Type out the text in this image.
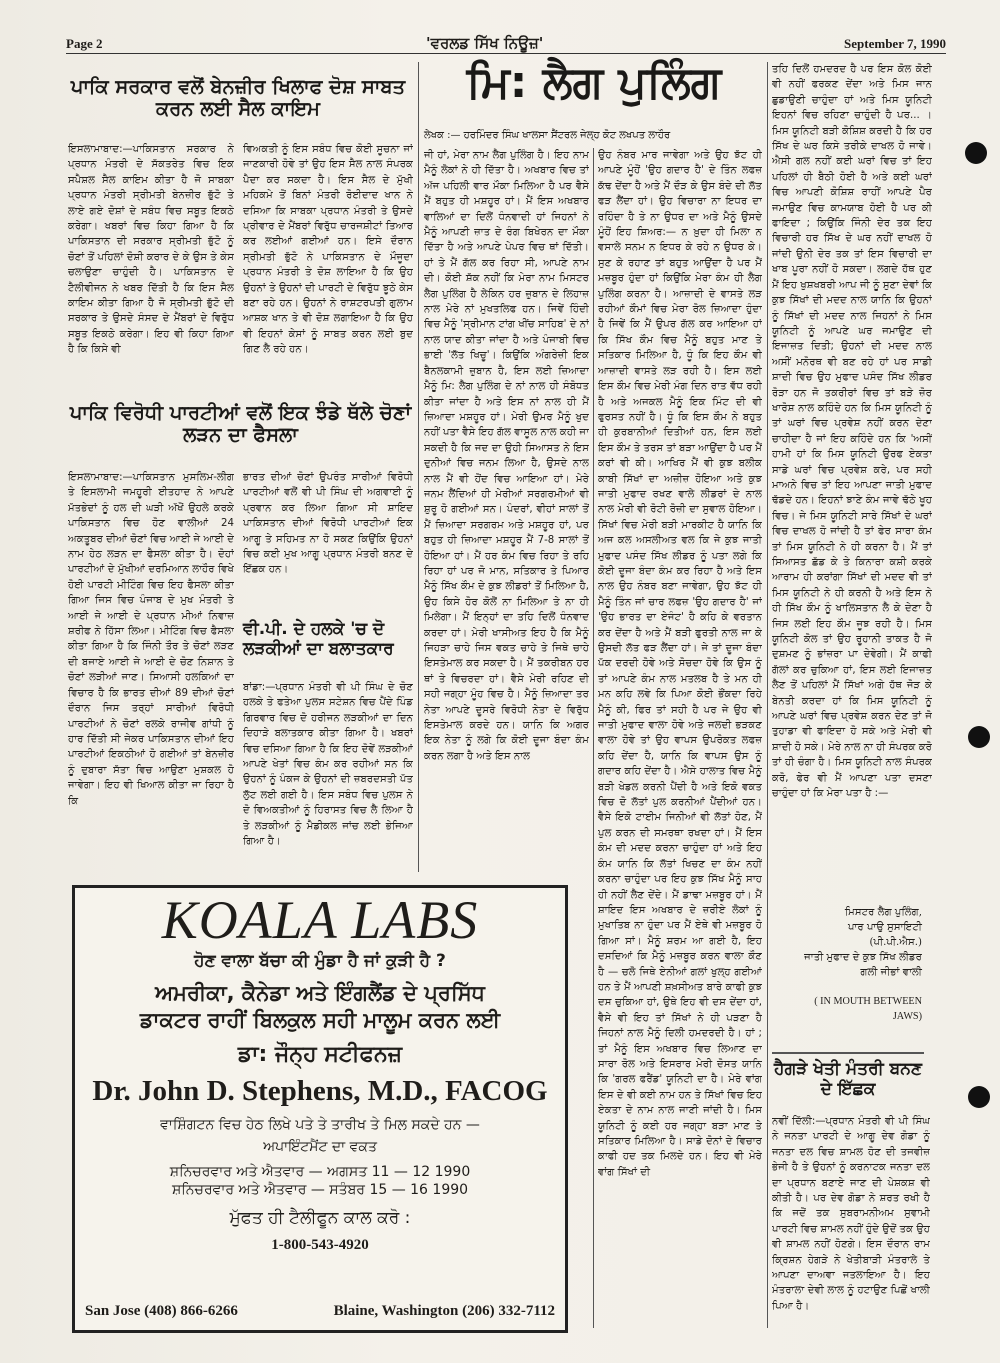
Page 2	'ਵਰਲਡ ਸਿੱਖ ਨਿਊਜ਼'	September 7, 1990
ਪਾਕਿ ਸਰਕਾਰ ਵਲੋਂ ਬੇਨਜ਼ੀਰ ਖਿਲਾਫ ਦੋਸ਼ ਸਾਬਤ ਕਰਨ ਲਈ ਸੈਲ ਕਾਇਮ

ਇਸਲਾਮਾਬਾਦ:—ਪਾਕਿਸਤਾਨ ਸਰਕਾਰ ਨੇ ਪ੍ਰਧਾਨ ਮੰਤਰੀ ਦੇ ਸੱਕਤਰੇਤ ਵਿਚ ਇਕ ਸਪੈਸ਼ਲ ਸੈਲ ਕਾਇਮ ਕੀਤਾ ਹੈ ਜੋ ਸਾਬਕਾ ਪ੍ਰਧਾਨ ਮੰਤਰੀ ਸ੍ਰੀਮਤੀ ਬੇਨਜ਼ੀਰ ਭੁੱਟੋ ਤੇ ਲਾਏ ਗਏ ਦੋਸ਼ਾਂ ਦੇ ਸਬੰਧ ਵਿਚ ਸਬੂਤ ਇਕਠੇ ਕਰੇਗਾ। ਖਬਰਾਂ ਵਿਚ ਕਿਹਾ ਗਿਆ ਹੈ ਕਿ ਪਾਕਿਸਤਾਨ ਦੀ ਸਰਕਾਰ ਸ੍ਰੀਮਤੀ ਭੁੱਟੋ ਨੂੰ ਚੋਣਾਂ ਤੋਂ ਪਹਿਲਾਂ ਦੋਸ਼ੀ ਕਰਾਰ ਦੇ ਕੇ ਉਸ ਤੇ ਕੇਸ ਚਲਾਉਣਾ ਚਾਹੁੰਦੀ ਹੈ। ਪਾਕਿਸਤਾਨ ਦੇ ਟੈਲੀਵੀਜਨ ਨੇ ਖਬਰ ਦਿੱਤੀ ਹੈ ਕਿ ਇਸ ਸੈਲ ਕਾਇਮ ਕੀਤਾ ਗਿਆ ਹੈ ਜੋ ਸ੍ਰੀਮਤੀ ਭੁੱਟੋ ਦੀ ਸਰਕਾਰ ਤੇ ਉਸਦੇ ਸੰਸਦ ਦੇ ਮੈਂਬਰਾਂ ਦੇ ਵਿਰੁੱਧ ਸਬੂਤ ਇਕਠੇ ਕਰੇਗਾ। ਇਹ ਵੀ ਕਿਹਾ ਗਿਆ ਹੈ ਕਿ ਕਿਸੇ ਵੀ

ਵਿਅਕਤੀ ਨੂੰ ਇਸ ਸਬੰਧ ਵਿਚ ਕੋਈ ਸੂਚਨਾ ਜਾਂ ਜਾਣਕਾਰੀ ਹੋਵੇ ਤਾਂ ਉਹ ਇਸ ਸੈਲ ਨਾਲ ਸੰਪਰਕ ਪੈਦਾ ਕਰ ਸਕਦਾ ਹੈ। ਇਸ ਸੈਲ ਦੇ ਮੁੱਖੀ ਮਹਿਕਮੇ ਤੋਂ ਬਿਨਾਂ ਮੰਤਰੀ ਰੋਈਦਾਦ ਖਾਨ ਨੇ ਦਸਿਆ ਕਿ ਸਾਬਕਾ ਪ੍ਰਧਾਨ ਮੰਤਰੀ ਤੇ ਉਸਦੇ ਪ੍ਰੀਵਾਰ ਦੇ ਮੈਂਬਰਾਂ ਵਿਰੁੱਧ ਚਾਰਜਸ਼ੀਟਾਂ ਤਿਆਰ ਕਰ ਲਈਆਂ ਗਈਆਂ ਹਨ। ਇਸੇ ਦੌਰਾਨ ਸ੍ਰੀਮਤੀ ਭੁੱਟੋ ਨੇ ਪਾਕਿਸਤਾਨ ਦੇ ਮੌਜੂਦਾ ਪ੍ਰਧਾਨ ਮੰਤਰੀ ਤੇ ਦੋਸ਼ ਲਾਇਆ ਹੈ ਕਿ ਉਹ ਉਹਨਾਂ ਤੇ ਉਹਨਾਂ ਦੀ ਪਾਰਟੀ ਦੇ ਵਿਰੁੱਧ ਝੂਠੇ ਕੇਸ ਬਣਾ ਰਹੇ ਹਨ। ਉਹਨਾਂ ਨੇ ਰਾਸ਼ਟਰਪਤੀ ਗੁਲਾਮ ਆਸ਼ਕ ਖਾਨ ਤੇ ਵੀ ਦੋਸ਼ ਲਗਾਇਆ ਹੈ ਕਿ ਉਹ ਵੀ ਇਹਨਾਂ ਕੇਸਾਂ ਨੂੰ ਸਾਬਤ ਕਰਨ ਲਈ ਬੁਦ ਗਿਣ ਲੈ ਰਹੇ ਹਨ।

ਪਾਕਿ ਵਿਰੋਧੀ ਪਾਰਟੀਆਂ ਵਲੋਂ ਇਕ ਝੰਡੇ ਥੱਲੇ ਚੋਣਾਂ ਲੜਨ ਦਾ ਫੈਸਲਾ

ਇਸਲਾਮਾਬਾਦ:—ਪਾਕਿਸਤਾਨ ਮੁਸਲਿਮ-ਲੀਗ ਤੇ ਇਸਲਾਮੀ ਜਮਹੂਰੀ ਈਤਹਾਦ ਨੇ ਆਪਣੇ ਮੱਤਭੇਦਾਂ ਨੂੰ ਹਲ ਦੀ ਘੜੀ ਅੱਖੋਂ ਉਹਲੇ ਕਰਕੇ ਪਾਕਿਸਤਾਨ ਵਿਚ ਹੋਣ ਵਾਲੀਆਂ 24 ਅਕਤੂਬਰ ਦੀਆਂ ਚੋਣਾਂ ਵਿਚ ਆਈ ਜੇ ਆਈ ਦੇ ਨਾਮ ਹੇਠ ਲੜਨ ਦਾ ਫੈਸਲਾ ਕੀਤਾ ਹੈ। ਦੋਹਾਂ ਪਾਰਟੀਆਂ ਦੇ ਮੁੱਖੀਆਂ ਦਰਮਿਆਨ ਲਾਹੌਰ ਵਿਖੇ ਹੋਈ ਪਾਰਟੀ ਮੀਟਿੰਗ ਵਿਚ ਇਹ ਫੈਸਲਾ ਕੀਤਾ ਗਿਆ ਜਿਸ ਵਿਚ ਪੰਜਾਬ ਦੇ ਮੁਖ ਮੰਤਰੀ ਤੇ ਆਈ ਜੇ ਆਈ ਦੇ ਪ੍ਰਧਾਨ ਮੀਆਂ ਨਿਵਾਜ਼ ਸ਼ਰੀਫ ਨੇ ਹਿੱਸਾ ਲਿਆ। ਮੀਟਿੰਗ ਵਿਚ ਫੈਸਲਾ ਕੀਤਾ ਗਿਆ ਹੈ ਕਿ ਜਿੰਨੀ ਤੌਰ ਤੇ ਚੋਣਾਂ ਲੜਣ ਦੀ ਬਜਾਏ ਆਈ ਜੇ ਆਈ ਦੇ ਚੋਣ ਨਿਸ਼ਾਨ ਤੇ ਚੋਣਾਂ ਲੜੀਆਂ ਜਾਣ। ਸਿਆਸੀ ਹਲਕਿਆਂ ਦਾ ਵਿਚਾਰ ਹੈ ਕਿ ਭਾਰਤ ਦੀਆਂ 89 ਦੀਆਂ ਚੋਣਾਂ ਦੌਰਾਨ ਜਿਸ ਤਰ੍ਹਾਂ ਸਾਰੀਆਂ ਵਿਰੋਧੀ ਪਾਰਟੀਆਂ ਨੇ ਚੋਣਾਂ ਰਲਕੇ ਰਾਜੀਵ ਗਾਂਧੀ ਨੂੰ ਹਾਰ ਦਿੱਤੀ ਸੀ ਜੇਕਰ ਪਾਕਿਸਤਾਨ ਦੀਆਂ ਇਹ ਪਾਰਟੀਆਂ ਇਕਠੀਆਂ ਹੋ ਗਈਆਂ ਤਾਂ ਬੇਨਜ਼ੀਰ ਨੂੰ ਦੁਬਾਰਾ ਸੱਤਾ ਵਿਚ ਆਉਣਾ ਮੁਸ਼ਕਲ ਹੋ ਜਾਵੇਗਾ। ਇਹ ਵੀ ਖਿਆਲ ਕੀਤਾ ਜਾ ਰਿਹਾ ਹੈ ਕਿ

ਭਾਰਤ ਦੀਆਂ ਚੋਣਾਂ ਉਪਰੰਤ ਸਾਰੀਆਂ ਵਿਰੋਧੀ ਪਾਰਟੀਆਂ ਵਲੋਂ ਵੀ ਪੀ ਸਿੰਘ ਦੀ ਅਗਵਾਈ ਨੂੰ ਪ੍ਰਵਾਨ ਕਰ ਲਿਆ ਗਿਆ ਸੀ ਸ਼ਾਇਦ ਪਾਕਿਸਤਾਨ ਦੀਆਂ ਵਿਰੋਧੀ ਪਾਰਟੀਆਂ ਇਕ ਆਗੂ ਤੇ ਸਹਿਮਤ ਨਾ ਹੋ ਸਕਣ ਕਿਉਂਕਿ ਉਹਨਾਂ ਵਿਚ ਕਈ ਮੁਖ ਆਗੂ ਪ੍ਰਧਾਨ ਮੰਤਰੀ ਬਨਣ ਦੇ ਇੱਛਕ ਹਨ।

ਵੀ.ਪੀ. ਦੇ ਹਲਕੇ 'ਚ ਦੋ ਲੜਕੀਆਂ ਦਾ ਬਲਾਤਕਾਰ

ਬਾਂਡਾ:—ਪ੍ਰਧਾਨ ਮੰਤਰੀ ਵੀ ਪੀ ਸਿੰਘ ਦੇ ਚੋਣ ਹਲਕੇ ਤੇ ਫਤੇਆ ਪੁਲਸ ਸਟੇਸ਼ਨ ਵਿਚ ਪੈਂਦੇ ਪਿੰਡ ਗਿਰਵਾਰ ਵਿਚ ਦੋ ਹਰੀਜਨ ਲੜਕੀਆਂ ਦਾ ਦਿਨ ਦਿਹਾੜੇ ਬਲਾਤਕਾਰ ਕੀਤਾ ਗਿਆ ਹੈ। ਖਬਰਾਂ ਵਿਚ ਦਸਿਆ ਗਿਆ ਹੈ ਕਿ ਇਹ ਦੋਵੇਂ ਲੜਕੀਆਂ ਆਪਣੇ ਖੇਤਾਂ ਵਿਚ ਕੰਮ ਕਰ ਰਹੀਆਂ ਸਨ ਕਿ ਉਹਨਾਂ ਨੂੰ ਪੰਕਜ ਕੇ ਉਹਨਾਂ ਦੀ ਜ਼ਬਰਦਸਤੀ ਪੱਤ ਲੁੱਟ ਲਈ ਗਈ ਹੈ। ਇਸ ਸਬੰਧ ਵਿਚ ਪੁਲਸ ਨੇ ਦੋ ਵਿਅਕਤੀਆਂ ਨੂੰ ਹਿਰਾਸਤ ਵਿਚ ਲੈ ਲਿਆ ਹੈ ਤੇ ਲੜਕੀਆਂ ਨੂੰ ਮੈਡੀਕਲ ਜਾਂਚ ਲਈ ਭੇਜਿਆ ਗਿਆ ਹੈ।

ਮਿ: ਲੈਗ ਪੁਲਿੰਗ
ਲੇਖਕ :— ਹਰਮਿੰਦਰ ਸਿੰਘ ਖਾਲਸਾ ਸੈਂਟਰਲ ਜੇਲ੍ਹ ਕੋਟ ਲਖਪਤ ਲਾਹੌਰ

ਜੀ ਹਾਂ, ਮੇਰਾ ਨਾਮ ਲੈਗ ਪੁਲਿੰਗ ਹੈ। ਇਹ ਨਾਮ ਮੈਨੂੰ ਲੋਕਾਂ ਨੇ ਹੀ ਦਿੱਤਾ ਹੈ। ਅਖਬਾਰ ਵਿਚ ਤਾਂ ਅੱਜ ਪਹਿਲੀ ਵਾਰ ਮੌਕਾ ਮਿਲਿਆ ਹੈ ਪਰ ਵੈਸੇ ਮੈਂ ਬਹੁਤ ਹੀ ਮਸ਼ਹੂਰ ਹਾਂ। ਮੈਂ ਇਸ ਅਖਬਾਰ ਵਾਲਿਆਂ ਦਾ ਦਿਲੋਂ ਧੰਨਵਾਦੀ ਹਾਂ ਜਿਹਨਾਂ ਨੇ ਮੈਨੂੰ ਆਪਣੀ ਜ਼ਾਤ ਦੇ ਰੰਗ ਬਿਖੇਰਨ ਦਾ ਮੌਕਾ ਦਿੱਤਾ ਹੈ ਅਤੇ ਆਪਣੇ ਪੇਪਰ ਵਿਚ ਥਾਂ ਦਿੱਤੀ। ਹਾਂ ਤੇ ਮੈਂ ਗੱਲ ਕਰ ਰਿਹਾ ਸੀ, ਆਪਣੇ ਨਾਮ ਦੀ। ਕੋਈ ਸ਼ੱਕ ਨਹੀਂ ਕਿ ਮੇਰਾ ਨਾਮ ਮਿਸਟਰ ਲੈਗ ਪੁਲਿੰਗ ਹੈ ਲੇਕਿਨ ਹਰ ਜ਼ੁਬਾਨ ਦੇ ਲਿਹਾਜ਼ ਨਾਲ ਮੇਰੇ ਨਾਂ ਮੁਖਤਲਿਫ ਹਨ। ਜਿਵੇਂ ਹਿੰਦੀ ਵਿਚ ਮੈਨੂੰ 'ਸ੍ਰੀਮਾਨ ਟਾਂਗ ਖੀਂਚ ਸਾਹਿਬ' ਦੇ ਨਾਂ ਨਾਲ ਯਾਦ ਕੀਤਾ ਜਾਂਦਾ ਹੈ ਅਤੇ ਪੰਜਾਬੀ ਵਿਚ ਭਾਈ 'ਲੱਤ ਖਿਚੂ'। ਕਿਉਂਕਿ ਅੰਗਰੇਜ਼ੀ ਇਕ ਬੈਨਲਕਾਮੀ ਜ਼ੁਬਾਨ ਹੈ, ਇਸ ਲਈ ਜ਼ਿਆਦਾ ਮੈਨੂੰ ਮਿ: ਲੈਗ ਪੁਲਿੰਗ ਦੇ ਨਾਂ ਨਾਲ ਹੀ ਸੰਬੋਧਤ ਕੀਤਾ ਜਾਂਦਾ ਹੈ ਅਤੇ ਇਸ ਨਾਂ ਨਾਲ ਹੀ ਮੈਂ ਜ਼ਿਆਦਾ ਮਸ਼ਹੂਰ ਹਾਂ। ਮੇਰੀ ਉਮਰ ਮੈਨੂੰ ਖੁਦ ਨਹੀਂ ਪਤਾ ਵੈਸੇ ਇਹ ਗੱਲ ਵਾਸੂਲ ਨਾਲ ਕਹੀ ਜਾ ਸਕਦੀ ਹੈ ਕਿ ਜਦ ਦਾ ਉਹੀ ਸਿਆਸਤ ਨੇ ਇਸ ਦੁਨੀਆਂ ਵਿਚ ਜਨਮ ਲਿਆ ਹੈ, ਉਸਦੇ ਨਾਲ ਨਾਲ ਮੈਂ ਵੀ ਹੋਂਦ ਵਿਚ ਆਇਆ ਹਾਂ। ਮੇਰੇ ਜਨਮ ਲੈਂਦਿਆਂ ਹੀ ਮੇਰੀਆਂ ਸਰਗਰਮੀਆਂ ਵੀ ਸ਼ੁਰੂ ਹੋ ਗਈਆਂ ਸਨ। ਪੰਦਰਾਂ, ਵੀਹਾਂ ਸਾਲਾਂ ਤੋਂ ਮੈਂ ਜ਼ਿਆਦਾ ਸਰਗਰਮ ਅਤੇ ਮਸ਼ਹੂਰ ਹਾਂ, ਪਰ ਬਹੁਤ ਹੀ ਜ਼ਿਆਦਾ ਮਸ਼ਹੂਰ ਮੈਂ 7-8 ਸਾਲਾਂ ਤੋਂ ਹੋਇਆ ਹਾਂ। ਮੈਂ ਹਰ ਕੰਮ ਵਿਚ ਰਿਹਾ ਤੇ ਰਹਿ ਰਿਹਾ ਹਾਂ ਪਰ ਜੋ ਮਾਨ, ਸਤਿਕਾਰ ਤੇ ਪਿਆਰ ਮੈਨੂੰ ਸਿੱਖ ਕੌਮ ਦੇ ਕੁਝ ਲੀਡਰਾਂ ਤੋਂ ਮਿਲਿਆ ਹੈ, ਉਹ ਕਿਸੇ ਹੋਰ ਕੋਲੋਂ ਨਾ ਮਿਲਿਆ ਤੇ ਨਾ ਹੀ ਮਿਲੇਗਾ। ਮੈਂ ਇਨ੍ਹਾਂ ਦਾ ਤਹਿ ਦਿਲੋਂ ਧੰਨਵਾਦ ਕਰਦਾ ਹਾਂ। ਮੇਰੀ ਖਾਸੀਅਤ ਇਹ ਹੈ ਕਿ ਮੈਨੂੰ ਜਿਹੜਾ ਚਾਹੇ ਜਿਸ ਵਕਤ ਚਾਹੇ ਤੇ ਜਿਥੇ ਚਾਹੇ ਇਸਤੇਮਾਲ ਕਰ ਸਕਦਾ ਹੈ। ਮੈਂ ਤਕਰੀਬਨ ਹਰ ਥਾਂ ਤੇ ਵਿਚਰਦਾ ਹਾਂ। ਵੈਸੇ ਮੇਰੀ ਰਹਿਣ ਦੀ ਸਹੀ ਜਗ੍ਹਾ ਮੂੰਹ ਵਿਚ ਹੈ। ਮੈਨੂੰ ਜ਼ਿਆਦਾ ਤਰ ਨੇਤਾ ਆਪਣੇ ਦੂਸਰੇ ਵਿਰੋਧੀ ਨੇਤਾ ਦੇ ਵਿਰੁੱਧ ਇਸਤੇਮਾਲ ਕਰਦੇ ਹਨ। ਯਾਨਿ ਕਿ ਅਗਰ ਇਕ ਨੇਤਾ ਨੂੰ ਲਗੇ ਕਿ ਕੋਈ ਦੂਜਾ ਬੰਦਾ ਕੰਮ ਕਰਨ ਲਗਾ ਹੈ ਅਤੇ ਇਸ ਨਾਲ

ਉਹ ਨੰਬਰ ਮਾਰ ਜਾਵੇਗਾ ਅਤੇ ਉਹ ਝੱਟ ਹੀ ਆਪਣੇ ਮੂੰਹੋਂ 'ਉਹ ਗਦਾਰ ਹੈ' ਦੇ ਤਿੰਨ ਲਫਜ਼ ਕੱਢ ਦੇਂਦਾ ਹੈ ਅਤੇ ਮੈਂ ਦੌੜ ਕੇ ਉਸ ਬੰਦੇ ਦੀ ਲੱਤ ਫੜ ਲੈਂਦਾ ਹਾਂ। ਉਹ ਵਿਚਾਰਾ ਨਾ ਇਧਰ ਦਾ ਰਹਿੰਦਾ ਹੈ ਤੇ ਨਾ ਉਧਰ ਦਾ ਅਤੇ ਮੈਨੂੰ ਉਸਦੇ ਮੂੰਹੋਂ ਇਹ ਸ਼ਿਅਰ:— ਨ ਖ਼ੁਦਾ ਹੀ ਮਿਲਾ ਨ ਵਸਾਲੇ ਸਨਮ ਨ ਇਧਰ ਕੇ ਰਹੇ ਨ ਉਧਰ ਕੇ। ਸੁਣ ਕੇ ਰਹਾਣ ਤਾਂ ਬਹੁਤ ਆਉਂਦਾ ਹੈ ਪਰ ਮੈਂ ਮਜ਼ਬੂਰ ਹੁੰਦਾ ਹਾਂ ਕਿਉਂਕਿ ਮੇਰਾ ਕੰਮ ਹੀ ਲੈਗ ਪੁਲਿੰਗ ਕਰਨਾ ਹੈ। ਆਜ਼ਾਦੀ ਦੇ ਵਾਸਤੇ ਲੜ ਰਹੀਆਂ ਕੌਮਾਂ ਵਿਚ ਮੇਰਾ ਰੋਲ ਜ਼ਿਆਦਾ ਹੁੰਦਾ ਹੈ ਜਿਵੇਂ ਕਿ ਮੈਂ ਉਪਰ ਗੱਲ ਕਰ ਆਇਆ ਹਾਂ ਕਿ ਸਿੱਖ ਕੌਮ ਵਿਚ ਮੈਨੂੰ ਬਹੁਤ ਮਾਣ ਤੇ ਸਤਿਕਾਰ ਮਿਲਿਆ ਹੈ, ਧੂੰ ਕਿ ਇਹ ਕੌਮ ਵੀ ਆਜ਼ਾਦੀ ਵਾਸਤੇ ਲੜ ਰਹੀ ਹੈ। ਇਸ ਲਈ ਇਸ ਕੌਮ ਵਿਚ ਮੇਰੀ ਮੰਗ ਦਿਨ ਰਾਤ ਵੱਧ ਰਹੀ ਹੈ ਅਤੇ ਅਜਕਲ ਮੈਨੂੰ ਇਕ ਮਿੰਟ ਦੀ ਵੀ ਫੁਰਸਤ ਨਹੀਂ ਹੈ। ਧੂੰ ਕਿ ਇਸ ਕੌਮ ਨੇ ਬਹੁਤ ਹੀ ਕੁਰਬਾਨੀਆਂ ਦਿਤੀਆਂ ਹਨ, ਇਸ ਲਈ ਇਸ ਕੌਮ ਤੇ ਤਰਸ ਤਾਂ ਬੜਾ ਆਉਂਦਾ ਹੈ ਪਰ ਮੈਂ ਕਰਾਂ ਵੀ ਕੀ। ਆਖਿਰ ਮੈਂ ਵੀ ਕੁਝ ਬਲੀਕ ਕਾਬੀ ਸਿੱਖਾਂ ਦਾ ਅਜ਼ੀਜ਼ ਹੋਇਆ ਅਤੇ ਕੁਝ ਜਾਤੀ ਮੁਫਾਦ ਰਖਣ ਵਾਲੇ ਲੀਡਰਾਂ ਦੇ ਨਾਲ ਨਾਲ ਮੇਰੀ ਵੀ ਰੋਟੀ ਰੋਜ਼ੀ ਦਾ ਸੁਵਾਲ ਹੋਇਆ। ਸਿੱਖਾਂ ਵਿਚ ਮੇਰੀ ਬੜੀ ਮਾਰਕੀਟ ਹੈ ਯਾਨਿ ਕਿ ਅਜ ਕਲ ਅਸਲੀਅਤ ਵਲ ਕਿ ਜੇ ਕੁਝ ਜਾਤੀ ਮੁਫਾਦ ਪਸੰਦ ਸਿੱਖ ਲੀਡਰ ਨੂੰ ਪਤਾ ਲਗੇ ਕਿ ਕੋਈ ਦੂਜਾ ਬੰਦਾ ਕੰਮ ਕਰ ਰਿਹਾ ਹੈ ਅਤੇ ਇਸ ਨਾਲ ਉਹ ਨੰਬਰ ਬਣਾ ਜਾਵੇਗਾ, ਉਹ ਝੱਟ ਹੀ ਮੈਨੂੰ ਤਿੰਨ ਜਾਂ ਚਾਰ ਲਫਜ਼ 'ਉਹ ਗਦਾਰ ਹੈ' ਜਾਂ 'ਉਹ ਭਾਰਤ ਦਾ ਏਜੰਟ' ਹੈ ਕਹਿ ਕੇ ਵਰਤਾਨ ਕਰ ਦੇਂਦਾ ਹੈ ਅਤੇ ਮੈਂ ਬੜੀ ਫੁਰਤੀ ਨਾਲ ਜਾ ਕੇ ਉਸਦੀ ਲੱਤ ਫੜ ਲੈਂਦਾ ਹਾਂ। ਜੇ ਤਾਂ ਦੂਜਾ ਬੰਦਾ ਪੱਕ ਦਰਦੀ ਹੋਵੇ ਅਤੇ ਸੋਚਦਾ ਹੋਵੇ ਕਿ ਉਸ ਨੂੰ ਤਾਂ ਆਪਣੇ ਕੰਮ ਨਾਲ ਮਤਲਬ ਹੈ ਤੇ ਮਨ ਹੀ ਮਨ ਕਹਿ ਲਵੇ ਕਿ ਪਿਆ ਕੋਈ ਭੌਂਕਦਾ ਰਿਹੇ ਮੈਨੂੰ ਕੀ, ਫਿਰ ਤਾਂ ਸਹੀ ਹੈ ਪਰ ਜੇ ਉਹ ਵੀ ਜਾਤੀ ਮੁਫਾਦ ਵਾਲਾ ਹੋਵੇ ਅਤੇ ਜਲਦੀ ਭੜਕਣ ਵਾਲਾ ਹੋਵੇ ਤਾਂ ਉਹ ਵਾਪਸ ਉਪਰੋਕਤ ਲਫਜ਼ ਕਹਿ ਦੇਂਦਾ ਹੈ, ਯਾਨਿ ਕਿ ਵਾਪਸ ਉਸ ਨੂੰ ਗਦਾਰ ਕਹਿ ਦੇਂਦਾ ਹੈ। ਐਸੇ ਹਾਲਾਤ ਵਿਚ ਮੈਨੂੰ ਬੜੀ ਖੇਡਲ ਕਰਨੀ ਪੈਂਦੀ ਹੈ ਅਤੇ ਇਕੋ ਵਕਤ ਵਿਚ ਦੋ ਲੱਤਾਂ ਪੁਲ ਕਰਨੀਆਂ ਪੈਂਦੀਆਂ ਹਨ। ਵੈਸੇ ਇਕੋ ਟਾਈਮ ਜਿਨੀਆਂ ਵੀ ਲੱਤਾਂ ਹੋਣ, ਮੈਂ ਪੁਲ ਕਰਨ ਦੀ ਸਮਰਥਾ ਰਖਦਾ ਹਾਂ। ਮੈਂ ਇਸ ਕੰਮ ਦੀ ਮਦਦ ਕਰਨਾ ਚਾਹੁੰਦਾ ਹਾਂ ਅਤੇ ਇਹ ਕੰਮ ਯਾਨਿ ਕਿ ਲੱਤਾਂ ਖਿਚਣ ਦਾ ਕੰਮ ਨਹੀਂ ਕਰਨਾ ਚਾਹੁੰਦਾ ਪਰ ਇਹ ਕੁਝ ਸਿੱਖ ਮੈਨੂੰ ਸਾਹ ਹੀ ਨਹੀਂ ਲੈਣ ਦੇਂਦੇ। ਮੈਂ ਡਾਢਾ ਮਜ਼ਬੂਰ ਹਾਂ। ਮੈਂ ਸ਼ਾਇਦ ਇਸ ਅਖਬਾਰ ਦੇ ਜ਼ਰੀਏ ਲੋਕਾਂ ਨੂੰ ਮੁਖਾਤਿਬ ਨਾ ਹੁੰਦਾ ਪਰ ਮੈਂ ਏਥੇ ਵੀ ਮਜ਼ਬੂਰ ਹੋ ਗਿਆ ਸਾਂ। ਮੈਨੂੰ ਸ਼ਰਮ ਆ ਗਈ ਹੈ, ਇਹ ਦਸਦਿਆਂ ਕਿ ਮੈਨੂੰ ਮਜ਼ਬੂਰ ਕਰਨ ਵਾਲਾ ਕੌਣ ਹੈ — ਚਲੋ ਜਿਥੇ ਏਨੀਆਂ ਗਲਾਂ ਖੁਲ੍ਹ ਗਈਆਂ ਹਨ ਤੇ ਮੈਂ ਆਪਣੀ ਸ਼ਖ਼ਸੀਅਤ ਬਾਰੇ ਕਾਫੀ ਕੁਝ ਦਸ ਚੁਕਿਆ ਹਾਂ, ਉਥੇ ਇਹ ਵੀ ਦਸ ਦੇਂਦਾ ਹਾਂ, ਵੈਸੇ ਵੀ ਇਹ ਤਾਂ ਸਿੱਖਾਂ ਨੇ ਹੀ ਪੜਣਾ ਹੈ ਜਿਹਨਾਂ ਨਾਲ ਮੈਨੂੰ ਦਿਲੀ ਹਮਦਰਦੀ ਹੈ। ਹਾਂ ; ਤਾਂ ਮੈਨੂੰ ਇਸ ਅਖਬਾਰ ਵਿਚ ਲਿਆਣ ਦਾ ਸਾਰਾ ਰੋਲ ਅਤੇ ਇਸਰਾਰ ਮੇਰੀ ਦੋਸਤ ਯਾਨਿ ਕਿ 'ਗਰਲ ਫਰੈਂਡ' ਯੂਨਿਟੀ ਦਾ ਹੈ। ਮੇਰੇ ਵਾਂਗ ਇਸ ਦੇ ਵੀ ਕਈ ਨਾਮ ਹਨ ਤੇ ਸਿੱਖਾਂ ਵਿਚ ਇਹ ਏਕਤਾ ਦੇ ਨਾਮ ਨਾਲ ਜਾਣੀ ਜਾਂਦੀ ਹੈ। ਮਿਸ ਯੂਨਿਟੀ ਨੂੰ ਕਈ ਹਰ ਜਗ੍ਹਾ ਬੜਾ ਮਾਣ ਤੇ ਸਤਿਕਾਰ ਮਿਲਿਆ ਹੈ। ਸਾਡੇ ਦੋਨਾਂ ਦੇ ਵਿਚਾਰ ਕਾਫੀ ਹਦ ਤਕ ਮਿਲਦੇ ਹਨ। ਇਹ ਵੀ ਮੇਰੇ ਵਾਂਗ ਸਿੱਖਾਂ ਦੀ

ਤਹਿ ਦਿਲੋਂ ਹਮਦਰਦ ਹੈ ਪਰ ਇਸ ਕੋਲ ਕੋਈ ਵੀ ਨਹੀਂ ਫਰਕਣ ਦੇਂਦਾ ਅਤੇ ਮਿਸ ਜਾਨ ਛੁਡਾਉਣੀ ਚਾਹੁੰਦਾ ਹਾਂ ਅਤੇ ਮਿਸ ਯੂਨਿਟੀ ਇਹਨਾਂ ਵਿਚ ਰਹਿਣਾ ਚਾਹੁੰਦੀ ਹੈ ਪਰ... । ਮਿਸ ਯੂਨਿਟੀ ਬੜੀ ਕੋਸ਼ਿਸ਼ ਕਰਦੀ ਹੈ ਕਿ ਹਰ ਸਿੱਖ ਦੇ ਘਰ ਕਿਸੇ ਤਰੀਕੇ ਦਾਖਲ ਹੋ ਜਾਵੇ। ਐਸੀ ਗਲ ਨਹੀਂ ਕਈ ਘਰਾਂ ਵਿਚ ਤਾਂ ਇਹ ਪਹਿਲਾਂ ਹੀ ਬੈਠੀ ਹੋਈ ਹੈ ਅਤੇ ਕਈ ਘਰਾਂ ਵਿਚ ਆਪਣੀ ਕੋਸ਼ਿਸ਼ ਰਾਹੀਂ ਆਪਣੇ ਪੈਰ ਜਮਾਉਣ ਵਿਚ ਕਾਮਯਾਬ ਹੋਈ ਹੈ ਪਰ ਕੀ ਫਾਇਦਾ ; ਕਿਉਂਕਿ ਜਿੰਨੀ ਦੇਰ ਤਕ ਇਹ ਵਿਚਾਰੀ ਹਰ ਸਿੱਖ ਦੇ ਘਰ ਨਹੀਂ ਦਾਖਲ ਹੋ ਜਾਂਦੀ ਉਨੀ ਦੇਰ ਤਕ ਤਾਂ ਇਸ ਵਿਚਾਰੀ ਦਾ ਖਾਬ ਪੂਰਾ ਨਹੀਂ ਹੋ ਸਕਦਾ। ਲਗਦੇ ਹੱਥ ਹੁਣ ਮੈਂ ਇਹ ਖੁਸ਼ਖਬਰੀ ਆਪ ਜੀ ਨੂੰ ਸੁਣਾ ਦੇਵਾਂ ਕਿ ਕੁਝ ਸਿੱਖਾਂ ਦੀ ਮਦਦ ਨਾਲ ਯਾਨਿ ਕਿ ਉਹਨਾਂ ਨੂੰ ਸਿੱਖਾਂ ਦੀ ਮਦਦ ਨਾਲ ਜਿਹਨਾਂ ਨੇ ਮਿਸ ਯੂਨਿਟੀ ਨੂੰ ਆਪਣੇ ਘਰ ਜਮਾਉਣ ਦੀ ਇਜਾਜ਼ਤ ਦਿਤੀ; ਉਹਨਾਂ ਦੀ ਮਦਦ ਨਾਲ ਅਸੀਂ ਮਨੋਰਥ ਵੀ ਬਣ ਰਹੇ ਹਾਂ ਪਰ ਸਾਡੀ ਸ਼ਾਦੀ ਵਿਚ ਉਹ ਮੁਫਾਦ ਪਸੰਦ ਸਿੱਖ ਲੀਡਰ ਰੋੜਾ ਹਨ ਜੋ ਤਕਰੀਰਾਂ ਵਿਚ ਤਾਂ ਬੜੇ ਜ਼ੋਰ ਖਾਰੋਸ਼ ਨਾਲ ਕਹਿੰਦੇ ਹਨ ਕਿ ਮਿਸ ਯੂਨਿਟੀ ਨੂੰ ਤਾਂ ਘਰਾਂ ਵਿਚ ਪ੍ਰਵੇਸ਼ ਨਹੀਂ ਕਰਨ ਦੇਣਾ ਚਾਹੀਦਾ ਹੈ ਜਾਂ ਇਹ ਕਹਿੰਦੇ ਹਨ ਕਿ 'ਅਸੀਂ ਹਾਮੀ ਹਾਂ ਕਿ ਮਿਸ ਯੂਨਿਟੀ ਉਰਫ ਏਕਤਾ ਸਾਡੇ ਘਰਾਂ ਵਿਚ ਪ੍ਰਵੇਸ਼ ਕਰੇ, ਪਰ ਸਹੀ ਮਾਅਨੇ ਵਿਚ ਤਾਂ ਇਹ ਆਪਣਾ ਜਾਤੀ ਮੁਫਾਦ ਢੱਡਦੇ ਹਨ। ਇਹਨਾਂ ਝਾਣੇ ਕੰਮ ਜਾਵੇ ਢੱਠੇ ਖੂਹ ਵਿਚ। ਜੇ ਮਿਸ ਯੂਨਿਟੀ ਸਾਰੇ ਸਿੱਖਾਂ ਦੇ ਘਰਾਂ ਵਿਚ ਦਾਖਲ ਹੋ ਜਾਂਦੀ ਹੈ ਤਾਂ ਫੇਰ ਸਾਰਾ ਕੰਮ ਤਾਂ ਮਿਸ ਯੂਨਿਟੀ ਨੇ ਹੀ ਕਰਨਾ ਹੈ। ਮੈਂ ਤਾਂ ਸਿਆਸਤ ਛੱਡ ਕੇ ਤੇ ਕਿਨਾਰਾ ਕਸ਼ੀ ਕਰਕੇ ਆਰਾਮ ਹੀ ਕਰਾਂਗਾ ਸਿੱਖਾਂ ਦੀ ਮਦਦ ਵੀ ਤਾਂ ਮਿਸ ਯੂਨਿਟੀ ਨੇ ਹੀ ਕਰਨੀ ਹੈ ਅਤੇ ਇਸ ਨੇ ਹੀ ਸਿੱਖ ਕੌਮ ਨੂੰ ਖਾਲਿਸਤਾਨ ਲੈ ਕੇ ਦੇਣਾ ਹੈ ਜਿਸ ਲਈ ਇਹ ਕੌਮ ਜੂਝ ਰਹੀ ਹੈ। ਮਿਸ ਯੂਨਿਟੀ ਕੋਲ ਤਾਂ ਉਹ ਰੂਹਾਨੀ ਤਾਕਤ ਹੈ ਜੋ ਦੁਸ਼ਮਣ ਨੂੰ ਭਾਂਜ਼ਰਾ ਪਾ ਦੇਵੇਗੀ। ਮੈਂ ਕਾਫੀ ਗੱਲਾਂ ਕਰ ਚੁਕਿਆ ਹਾਂ, ਇਸ ਲਈ ਇਜਾਜ਼ਤ ਲੈਣ ਤੋਂ ਪਹਿਲਾਂ ਮੈਂ ਸਿੱਖਾਂ ਅਗੇ ਹੱਥ ਜੋੜ ਕੇ ਬੇਨਤੀ ਕਰਦਾ ਹਾਂ ਕਿ ਮਿਸ ਯੂਨਿਟੀ ਨੂੰ ਆਪਣੇ ਘਰਾਂ ਵਿਚ ਪ੍ਰਵੇਸ਼ ਕਰਨ ਦੇਣ ਤਾਂ ਜੋ ਤੁਹਾਡਾ ਵੀ ਫਾਇਦਾ ਹੋ ਸਕੇ ਅਤੇ ਮੇਰੀ ਵੀ ਸ਼ਾਦੀ ਹੋ ਸਕੇ। ਮੇਰੇ ਨਾਲ ਨਾ ਹੀ ਸੰਪਰਕ ਕਰੋ ਤਾਂ ਹੀ ਚੰਗਾ ਹੈ। ਮਿਸ ਯੂਨਿਟੀ ਨਾਲ ਸੰਪਰਕ ਕਰੋ, ਫੇਰ ਵੀ ਮੈਂ ਆਪਣਾ ਪਤਾ ਦਸਣਾ ਚਾਹੁੰਦਾ ਹਾਂ ਕਿ ਮੇਰਾ ਪਤਾ ਹੈ :—

ਮਿਸਟਰ ਲੈਗ ਪੁਲਿੰਗ,
ਪਾਰ ਪਾਉ ਸੁਸਾਇਟੀ
(ਪੀ.ਪੀ.ਐਸ.)
ਜਾਤੀ ਮੁਫਾਦ ਦੇ ਕੁਝ ਸਿੱਖ ਲੀਡਰ
ਗਲੀ ਜੀਭਾਂ ਵਾਲੀ
( IN MOUTH BETWEEN
JAWS)
ਹੈਗੜੇ ਖੇਤੀ ਮੰਤਰੀ ਬਨਣ ਦੇ ਇੱਛਕ

ਨਵੀਂ ਦਿੱਲੀ:—ਪ੍ਰਧਾਨ ਮੰਤਰੀ ਵੀ ਪੀ ਸਿੰਘ ਨੇ ਜਨਤਾ ਪਾਰਟੀ ਦੇ ਆਗੂ ਦੇਵ ਗੋਡਾ ਨੂੰ ਜਨਤਾ ਦਲ ਵਿਚ ਸ਼ਾਮਲ ਹੋਣ ਦੀ ਤਜਵੀਜ਼ ਭੇਜੀ ਹੈ ਤੇ ਉਹਨਾਂ ਨੂੰ ਕਰਨਾਟਕ ਜਨਤਾ ਦਲ ਦਾ ਪ੍ਰਧਾਨ ਬਣਾਏ ਜਾਣ ਦੀ ਪੇਸ਼ਕਸ਼ ਵੀ ਕੀਤੀ ਹੈ। ਪਰ ਦੇਵ ਗੋਡਾ ਨੇ ਸ਼ਰਤ ਰਖੀ ਹੈ ਕਿ ਜਦੋਂ ਤਕ ਸੁਬਰਾਮਨੀਅਮ ਸੁਵਾਮੀ ਪਾਰਟੀ ਵਿਚ ਸ਼ਾਮਲ ਨਹੀਂ ਹੁੰਦੇ ਉਦੋਂ ਤਕ ਉਹ ਵੀ ਸ਼ਾਮਲ ਨਹੀਂ ਹੋਣਗੇ। ਇਸ ਦੌਰਾਨ ਰਾਮ ਕ੍ਰਿਸ਼ਨ ਹੇਗੜੇ ਨੇ ਖੇਤੀਬਾੜੀ ਮੰਤਰਾਲੇ ਤੇ ਆਪਣਾ ਦਾਅਵਾ ਜਤਲਾਇਆ ਹੈ। ਇਹ ਮੰਤਰਾਲਾ ਦੇਵੀ ਲਾਲ ਨੂੰ ਹਟਾਉਣ ਪਿਛੋਂ ਖਾਲੀ ਪਿਆ ਹੈ।

KOALA LABS
ਹੋਣ ਵਾਲਾ ਬੱਚਾ ਕੀ ਮੁੰਡਾ ਹੈ ਜਾਂ ਕੁੜੀ ਹੈ ?
ਅਮਰੀਕਾ, ਕੈਨੇਡਾ ਅਤੇ ਇੰਗਲੈਂਡ ਦੇ ਪ੍ਰਸਿੱਧ
ਡਾਕਟਰ ਰਾਹੀਂ ਬਿਲਕੁਲ ਸਹੀ ਮਾਲੂਮ ਕਰਨ ਲਈ
ਡਾ: ਜੌਨ੍ਹ ਸਟੀਫਨਜ਼
Dr. John D. Stephens, M.D., FACOG
ਵਾਸ਼ਿੰਗਟਨ ਵਿਚ ਹੇਠ ਲਿਖੇ ਪਤੇ ਤੇ ਤਾਰੀਖ ਤੇ ਮਿਲ ਸਕਦੇ ਹਨ —
ਅਪਾਇੰਟਮੈਂਟ ਦਾ ਵਕਤ
ਸ਼ਨਿਚਰਵਾਰ ਅਤੇ ਐਤਵਾਰ — ਅਗਸਤ 11 — 12 1990
ਸ਼ਨਿਚਰਵਾਰ ਅਤੇ ਐਤਵਾਰ — ਸਤੰਬਰ 15 — 16 1990
ਮੁੱਫਤ ਹੀ ਟੈਲੀਫੂਨ ਕਾਲ ਕਰੋ :
1-800-543-4920
San Jose (408) 866-6266	Blaine, Washington (206) 332-7112
